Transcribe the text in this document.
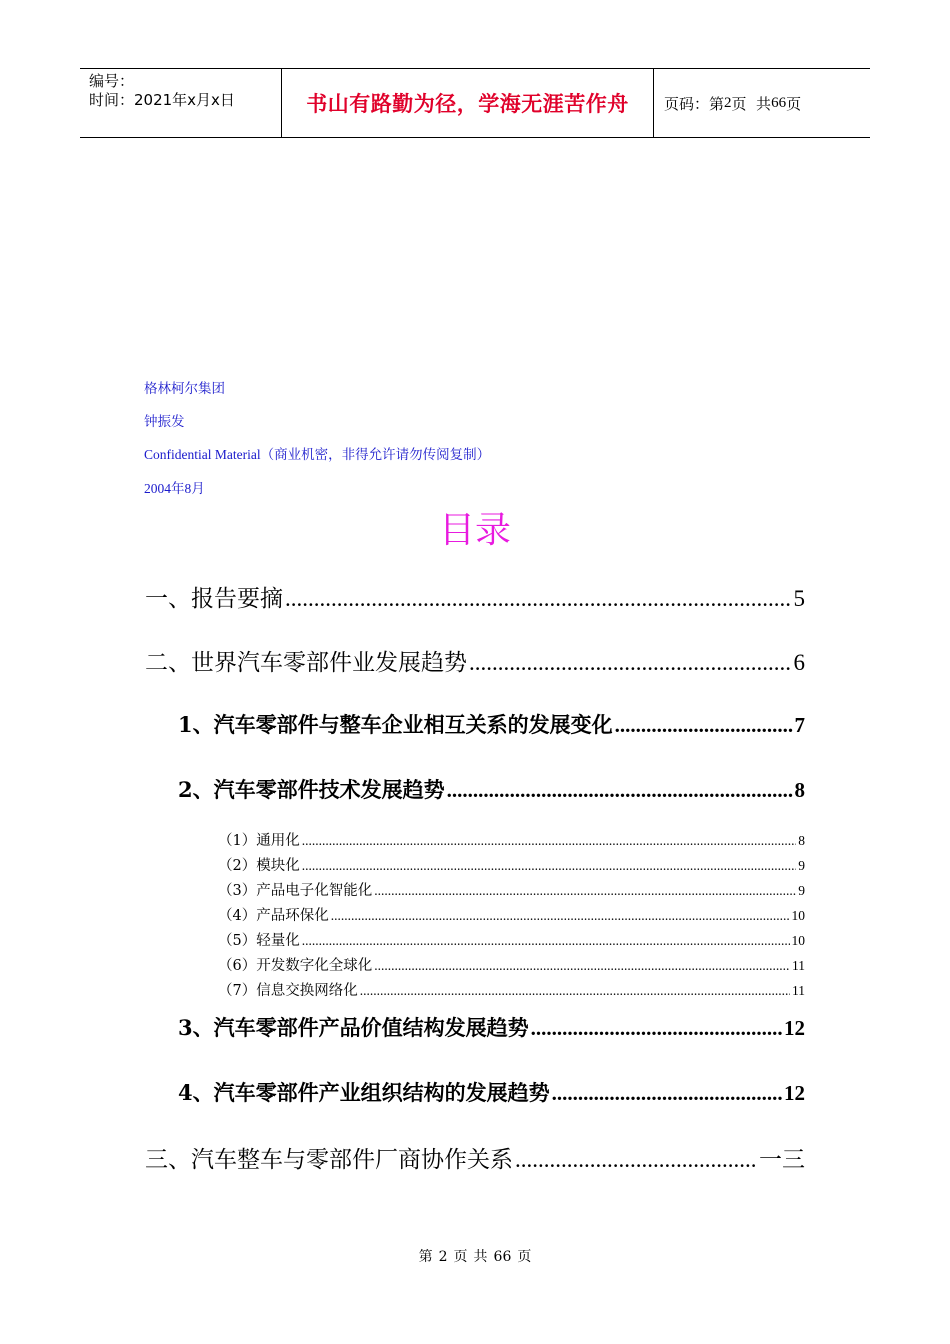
编号：
时间：2021年x月x日	书山有路勤为径，学海无涯苦作舟	页码：第 2 页  共 66 页
格林柯尔集团
钟振发
Confidential Material（商业机密，非得允许请勿传阅复制）
2004年8月
目录
一、报告要摘 .....	5
二、世界汽车零部件业发展趋势 .....	6
1、汽车零部件与整车企业相互关系的发展变化 .....	7
2、汽车零部件技术发展趋势 .....	8
（1）通用化 .....	8
（2）模块化 .....	9
（3）产品电子化智能化 .....	9
（4）产品环保化 .....	10
（5）轻量化 .....	10
（6）开发数字化全球化 .....	11
（7）信息交换网络化 .....	11
3、汽车零部件产品价值结构发展趋势 .....	12
4、汽车零部件产业组织结构的发展趋势 .....	12
三、汽车整车与零部件厂商协作关系 .....	一三
第 2 页 共 66 页
